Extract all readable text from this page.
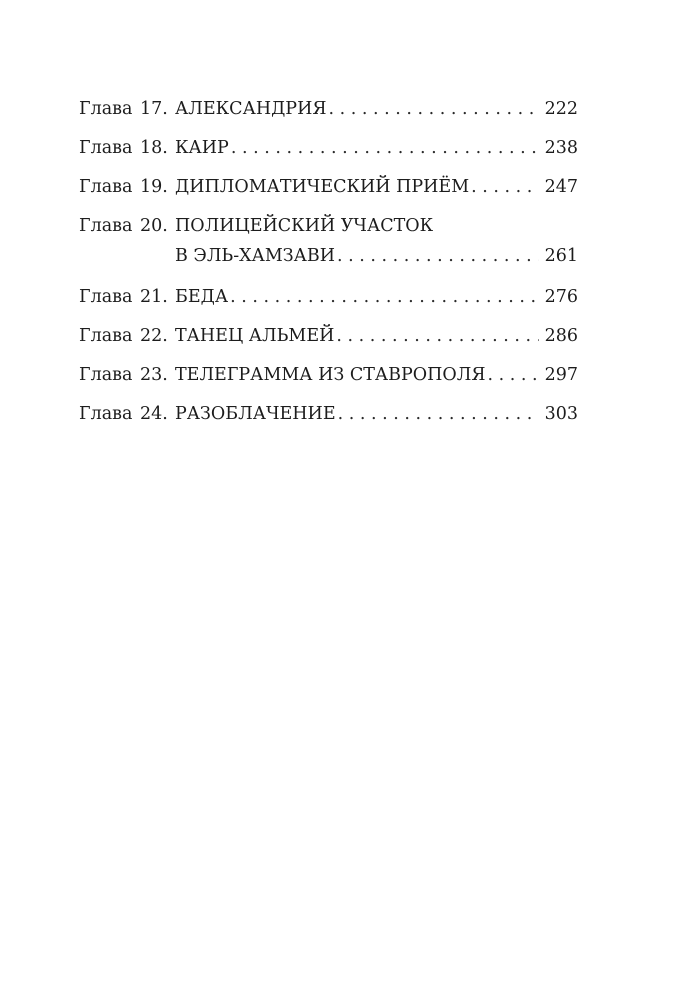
Глава 17. АЛЕКСАНДРИЯ . . .	222
Глава 18. КАИР . . .	238
Глава 19. ДИПЛОМАТИЧЕСКИЙ ПРИЁМ . . .	247
Глава 20. ПОЛИЦЕЙСКИЙ УЧАСТОК
В ЭЛЬ-ХАМЗАВИ . . .	261
Глава 21. БЕДА . . .	276
Глава 22. ТАНЕЦ АЛЬМЕЙ . . .	286
Глава 23. ТЕЛЕГРАММА ИЗ СТАВРОПОЛЯ . . .	297
Глава 24. РАЗОБЛАЧЕНИЕ . . .	303
